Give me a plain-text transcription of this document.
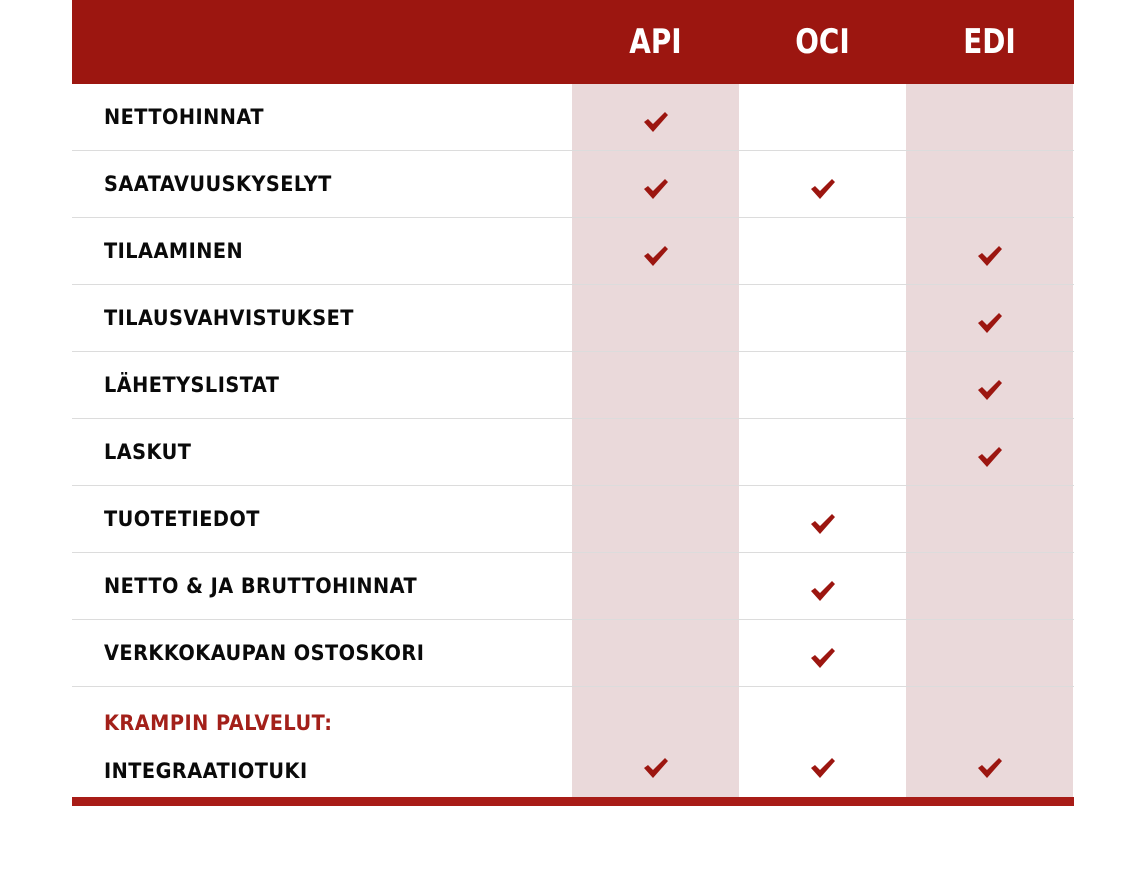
API	OCI	EDI
NETTOHINNAT
SAATAVUUSKYSELYT
TILAAMINEN
TILAUSVAHVISTUKSET
LÄHETYSLISTAT
LASKUT
TUOTETIEDOT
NETTO & JA BRUTTOHINNAT
VERKKOKAUPAN OSTOSKORI
KRAMPIN PALVELUT:
INTEGRAATIOTUKI
